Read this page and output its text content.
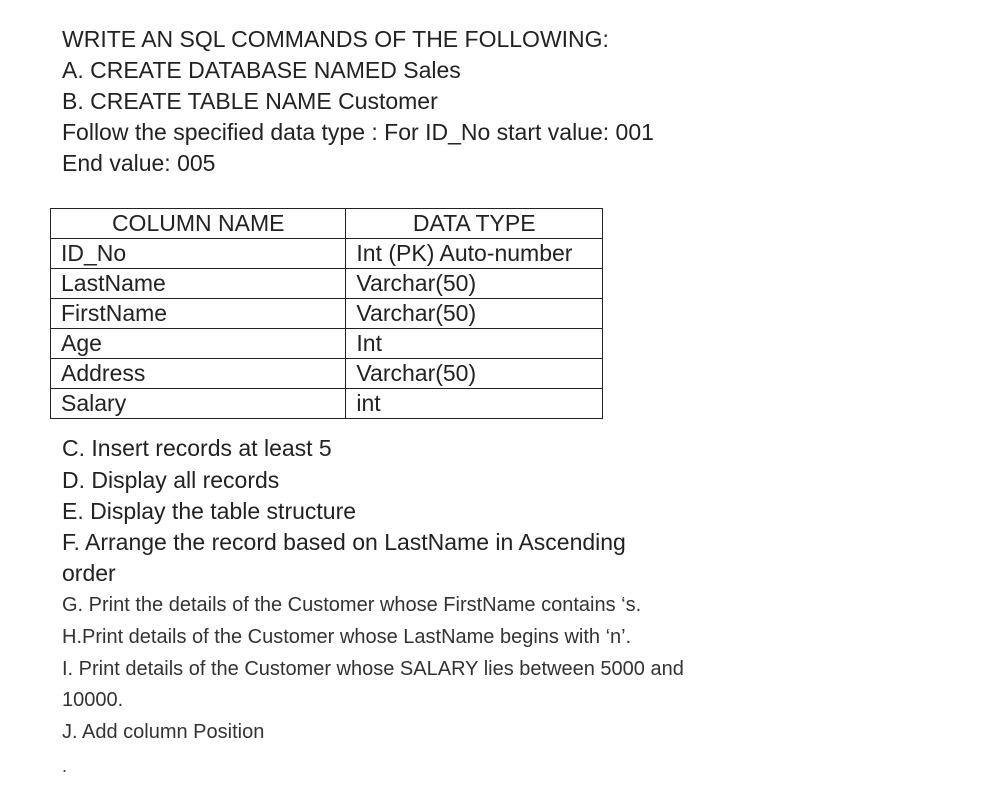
WRITE AN SQL COMMANDS OF THE FOLLOWING:
A. CREATE DATABASE NAMED Sales
B. CREATE TABLE NAME Customer
Follow the specified data type : For ID_No start value: 001
End value: 005
COLUMN NAME	DATA TYPE
ID_No	Int (PK) Auto-number
LastName	Varchar(50)
FirstName	Varchar(50)
Age	Int
Address	Varchar(50)
Salary	int
C. Insert records at least 5
D. Display all records
E. Display the table structure
F. Arrange the record based on LastName in Ascending
order
G. Print the details of the Customer whose FirstName contains ‘s.
H.Print details of the Customer whose LastName begins with ‘n’.
I. Print details of the Customer whose SALARY lies between 5000 and
10000.
J. Add column Position
.
